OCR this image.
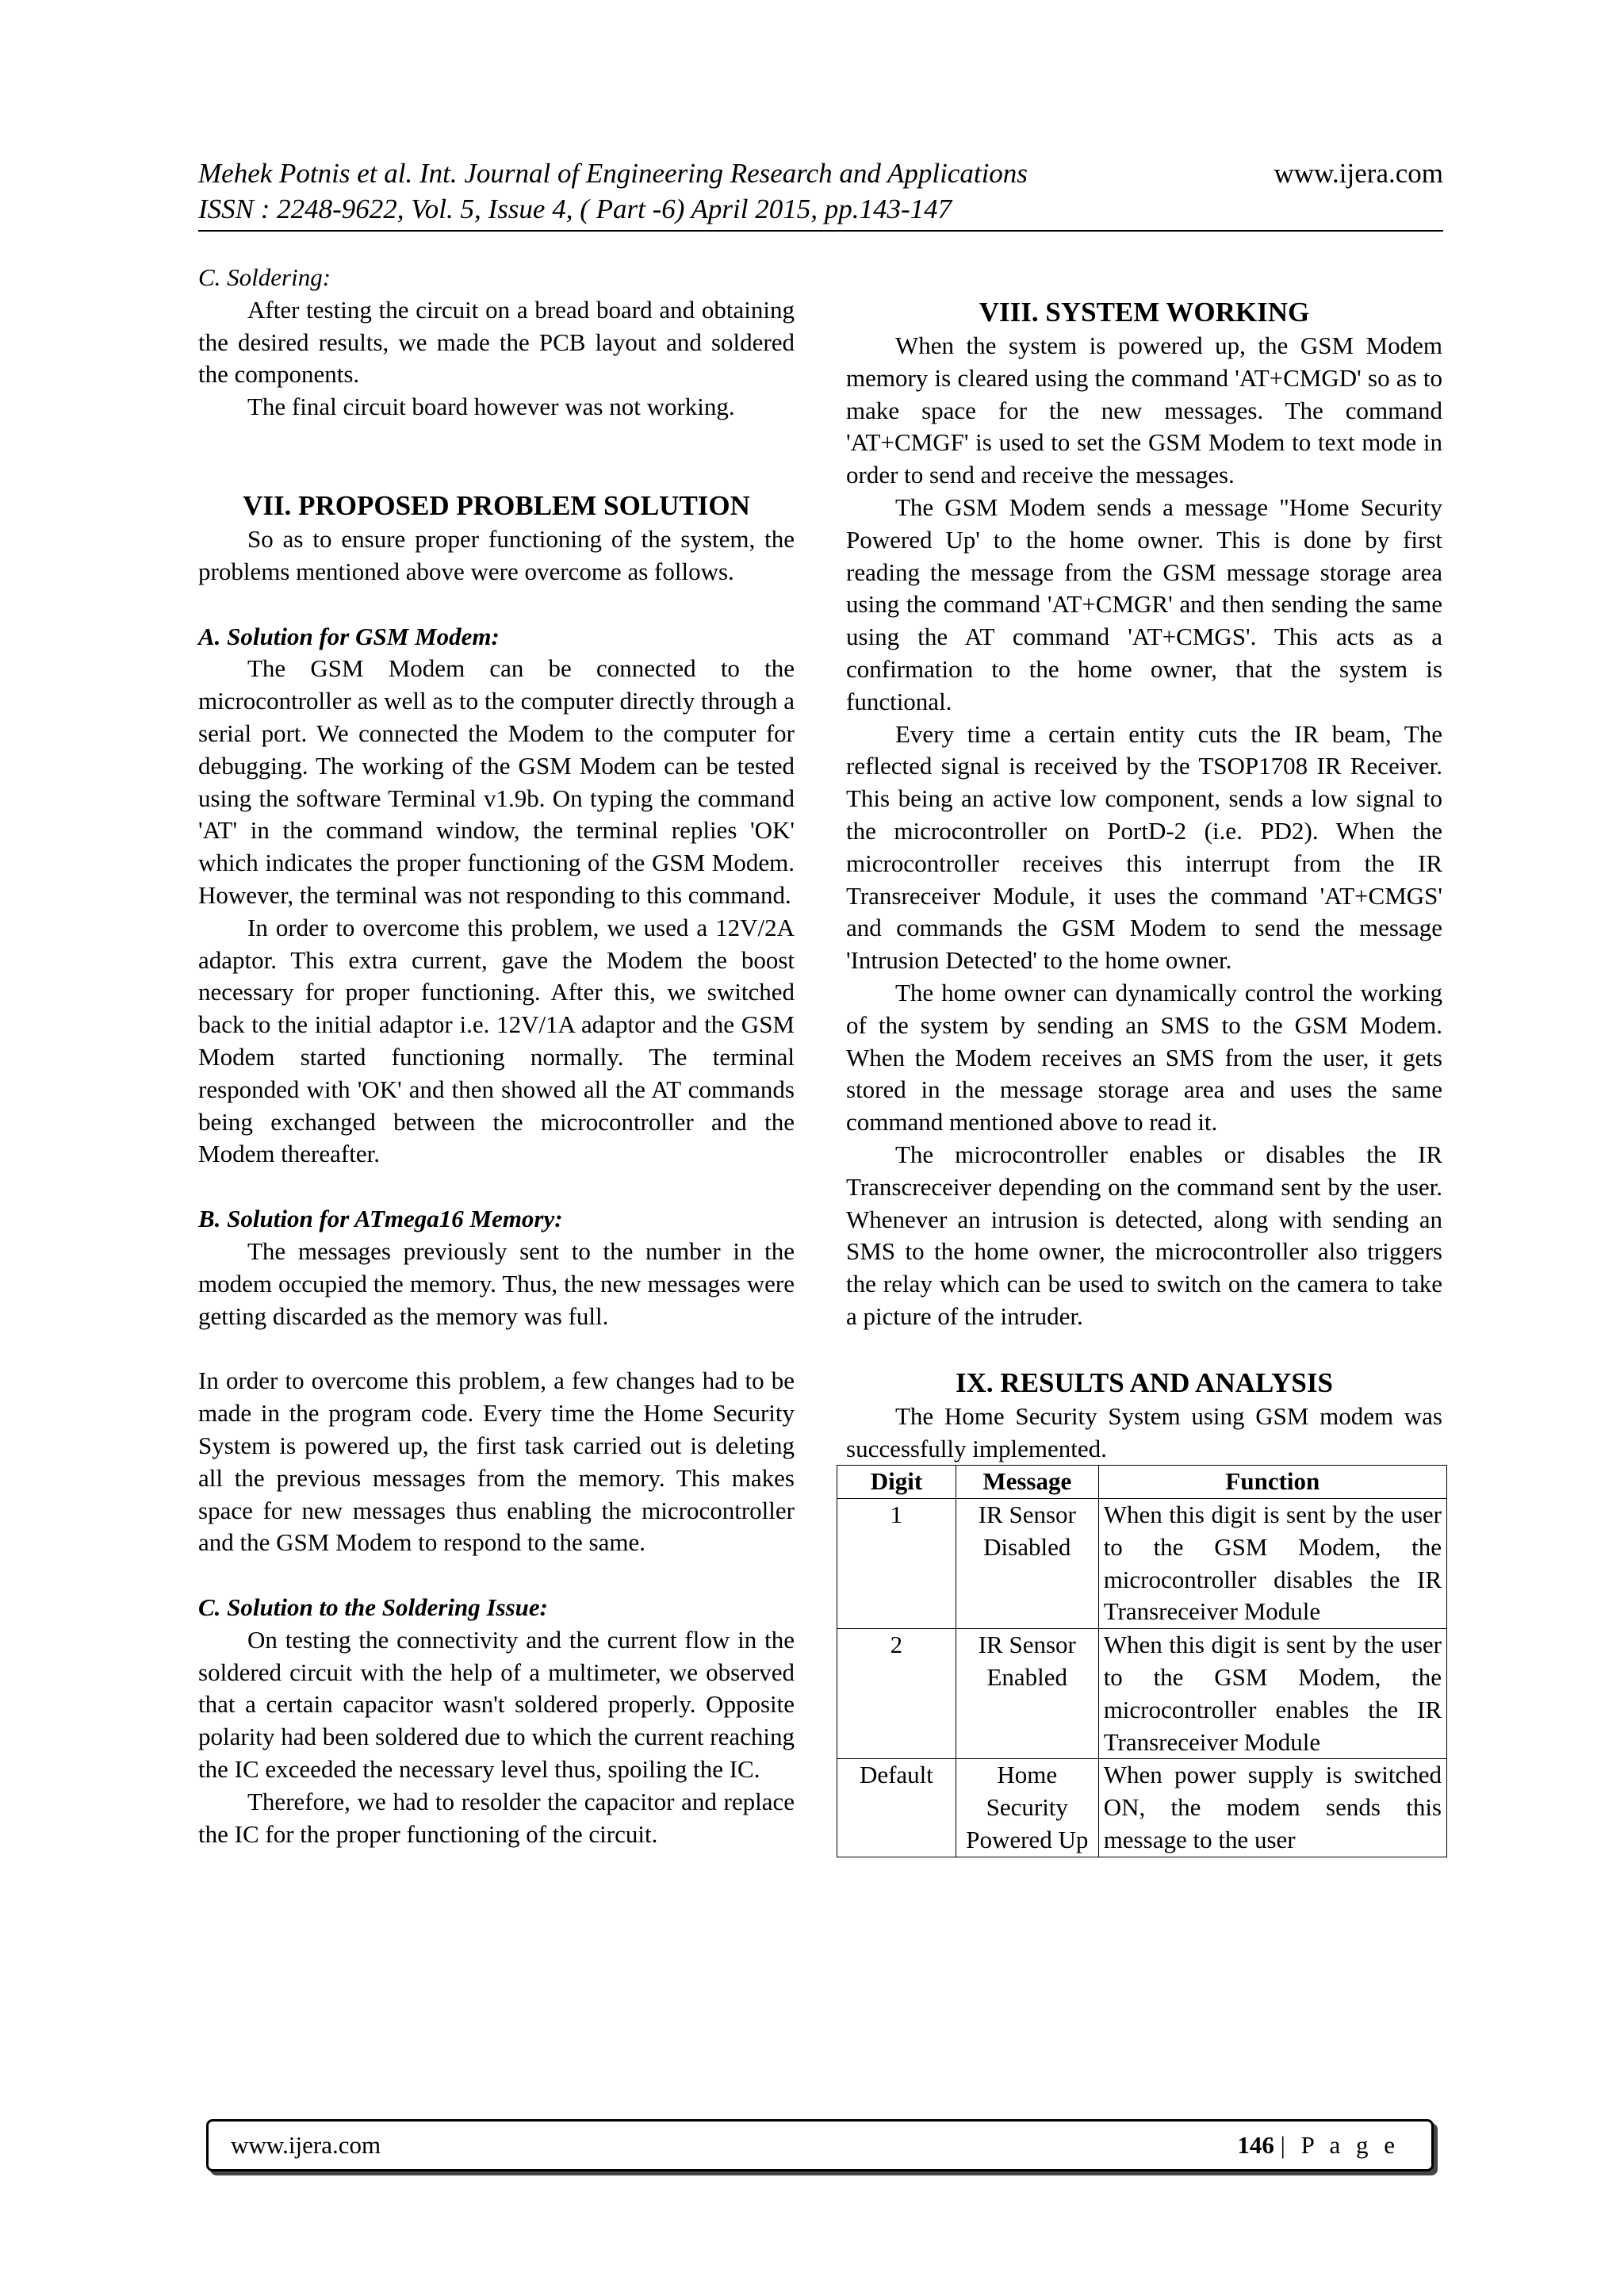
Mehek Potnis et al. Int. Journal of Engineering Research and Applications	www.ijera.com
ISSN : 2248-9622, Vol. 5, Issue 4, ( Part -6) April 2015, pp.143-147
C. Soldering:

After testing the circuit on a bread board and obtaining the desired results, we made the PCB layout and soldered the components.

The final circuit board however was not working.

VII. PROPOSED PROBLEM SOLUTION

So as to ensure proper functioning of the system, the problems mentioned above were overcome as follows.

A. Solution for GSM Modem:

The GSM Modem can be connected to the microcontroller as well as to the computer directly through a serial port. We connected the Modem to the computer for debugging. The working of the GSM Modem can be tested using the software Terminal v1.9b. On typing the command 'AT' in the command window, the terminal replies 'OK' which indicates the proper functioning of the GSM Modem. However, the terminal was not responding to this command.

In order to overcome this problem, we used a 12V/2A adaptor. This extra current, gave the Modem the boost necessary for proper functioning. After this, we switched back to the initial adaptor i.e. 12V/1A adaptor and the GSM Modem started functioning normally. The terminal responded with 'OK' and then showed all the AT commands being exchanged between the microcontroller and the Modem thereafter.

B. Solution for ATmega16 Memory:

The messages previously sent to the number in the modem occupied the memory. Thus, the new messages were getting discarded as the memory was full.

In order to overcome this problem, a few changes had to be made in the program code. Every time the Home Security System is powered up, the first task carried out is deleting all the previous messages from the memory. This makes space for new messages thus enabling the microcontroller and the GSM Modem to respond to the same.

C. Solution to the Soldering Issue:

On testing the connectivity and the current flow in the soldered circuit with the help of a multimeter, we observed that a certain capacitor wasn't soldered properly. Opposite polarity had been soldered due to which the current reaching the IC exceeded the necessary level thus, spoiling the IC.

Therefore, we had to resolder the capacitor and replace the IC for the proper functioning of the circuit.

VIII. SYSTEM WORKING

When the system is powered up, the GSM Modem memory is cleared using the command 'AT+CMGD' so as to make space for the new messages. The command 'AT+CMGF' is used to set the GSM Modem to text mode in order to send and receive the messages.

The GSM Modem sends a message "Home Security Powered Up' to the home owner. This is done by first reading the message from the GSM message storage area using the command 'AT+CMGR' and then sending the same using the AT command 'AT+CMGS'. This acts as a confirmation to the home owner, that the system is functional.

Every time a certain entity cuts the IR beam, The reflected signal is received by the TSOP1708 IR Receiver. This being an active low component, sends a low signal to the microcontroller on PortD-2 (i.e. PD2). When the microcontroller receives this interrupt from the IR Transreceiver Module, it uses the command 'AT+CMGS' and commands the GSM Modem to send the message 'Intrusion Detected' to the home owner.

The home owner can dynamically control the working of the system by sending an SMS to the GSM Modem. When the Modem receives an SMS from the user, it gets stored in the message storage area and uses the same command mentioned above to read it.

The microcontroller enables or disables the IR Transcreceiver depending on the command sent by the user. Whenever an intrusion is detected, along with sending an SMS to the home owner, the microcontroller also triggers the relay which can be used to switch on the camera to take a picture of the intruder.

IX. RESULTS AND ANALYSIS

The Home Security System using GSM modem was successfully implemented.

Digit	Message	Function
1	IR Sensor Disabled	When this digit is sent by the user to the GSM Modem, the microcontroller disables the IR Transreceiver Module
2	IR Sensor Enabled	When this digit is sent by the user to the GSM Modem, the microcontroller enables the IR Transreceiver Module
Default	Home Security Powered Up	When power supply is switched ON, the modem sends this message to the user
www.ijera.com	146 | P a g e
